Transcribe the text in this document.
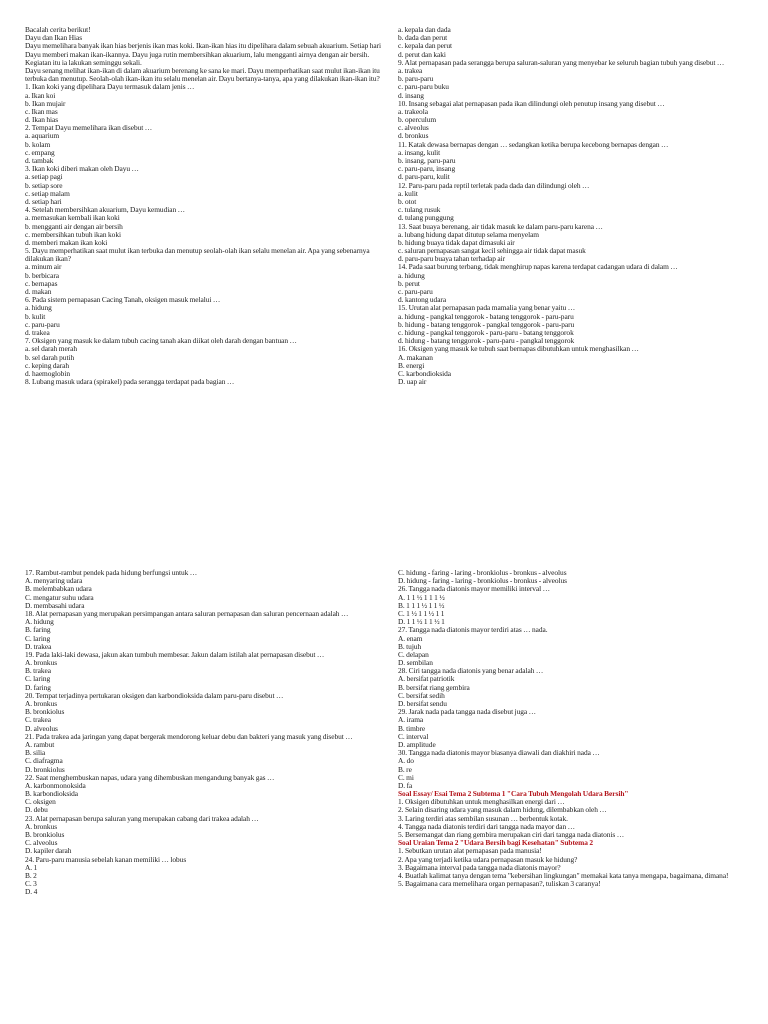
Bacalah cerita berikut!
Dayu dan Ikan Hias
Dayu memelihara banyak ikan hias berjenis ikan mas koki. Ikan-ikan hias itu dipelihara dalam sebuah akuarium. Setiap hari Dayu memberi makan ikan-ikannya. Dayu juga rutin membersihkan akuarium, lalu mengganti airnya dengan air bersih. Kegiatan itu ia lakukan seminggu sekali.
Dayu senang melihat ikan-ikan di dalam akuarium berenang ke sana ke mari. Dayu memperhatikan saat mulut ikan-ikan itu terbuka dan menutup. Seolah-olah ikan-ikan itu selalu menelan air. Dayu bertanya-tanya, apa yang dilakukan ikan-ikan itu?
1. Ikan koki yang dipelihara Dayu termasuk dalam jenis …
a. Ikan koi
b. Ikan mujair
c. Ikan mas
d. Ikan hias
2. Tempat Dayu memelihara ikan disebut …
a. aquarium
b. kolam
c. empang
d. tambak
3. Ikan koki diberi makan oleh Dayu …
a. setiap pagi
b. setiap sore
c. setiap malam
d. setiap hari
4. Setelah membersihkan akuarium, Dayu kemudian …
a. memasukan kembali ikan koki
b. mengganti air dengan air bersih
c. membersihkan tubuh ikan koki
d. memberi makan ikan koki
5. Dayu memperhatikan saat mulut ikan terbuka dan menutup seolah-olah ikan selalu menelan air. Apa yang sebenarnya dilakukan ikan?
a. minum air
b. berbicara
c. bernapas
d. makan
6. Pada sistem pernapasan Cacing Tanah, oksigen masuk melalui …
a. hidung
b. kulit
c. paru-paru
d. trakea
7. Oksigen yang masuk ke dalam tubuh cacing tanah akan diikat oleh darah dengan bantuan …
a. sel darah merah
b. sel darah putih
c. keping darah
d. haemoglobin
8. Lubang masuk udara (spirakel) pada serangga terdapat pada bagian …
a. kepala dan dada
b. dada dan perut
c. kepala dan perut
d. perut dan kaki
9. Alat pernapasan pada serangga berupa saluran-saluran yang menyebar ke seluruh bagian tubuh yang disebut …
a. trakea
b. paru-paru
c. paru-paru buku
d. insang
10. Insang sebagai alat pernapasan pada ikan dilindungi oleh penutup insang yang disebut …
a. trakeola
b. operculum
c. alveolus
d. bronkus
11. Katak dewasa bernapas dengan … sedangkan ketika berupa kecebong bernapas dengan …
a. insang, kulit
b. insang, paru-paru
c. paru-paru, insang
d. paru-paru, kulit
12. Paru-paru pada reptil terletak pada dada dan dilindungi oleh …
a. kulit
b. otot
c. tulang rusuk
d. tulang punggung
13. Saat buaya berenang, air tidak masuk ke dalam paru-paru karena …
a. lubang hidung dapat ditutup selama menyelam
b. hidung buaya tidak dapat dimasuki air
c. saluran pernapasan sangat kecil sehingga air tidak dapat masuk
d. paru-paru buaya tahan terhadap air
14. Pada saat burung terbang, tidak menghirup napas karena terdapat cadangan udara di dalam …
a. hidung
b. perut
c. paru-paru
d. kantong udara
15. Urutan alat pernapasan pada mamalia yang benar yaitu …
a. hidung - pangkal tenggorok - batang tenggorok - paru-paru
b. hidung - batang tenggorok - pangkal tenggorok - paru-paru
c. hidung - pangkal tenggorok - paru-paru - batang tenggorok
d. hidung - batang tenggorok - paru-paru - pangkal tenggorok
16. Oksigen yang masuk ke tubuh saat bernapas dibutuhkan untuk menghasilkan …
A. makanan
B. energi
C. karbondioksida
D. uap air
17. Rambut-rambut pendek pada hidung berfungsi untuk …
A. menyaring udara
B. melembabkan udara
C. mengatur suhu udara
D. membasahi udara
18. Alat pernapasan yang merupakan persimpangan antara saluran pernapasan dan saluran pencernaan adalah …
A. hidung
B. faring
C. laring
D. trakea
19. Pada laki-laki dewasa, jakun akan tumbuh membesar. Jakun dalam istilah alat pernapasan disebut …
A. bronkus
B. trakea
C. laring
D. faring
20. Tempat terjadinya pertukaran oksigen dan karbondioksida dalam paru-paru disebut …
A. bronkus
B. bronkiolus
C. trakea
D. alveolus
21. Pada trakea ada jaringan yang dapat bergerak mendorong keluar debu dan bakteri yang masuk yang disebut …
A. rambut
B. silia
C. diafragma
D. bronkiolus
22. Saat menghembuskan napas, udara yang dihembuskan mengandung banyak gas …
A. karbonmonoksida
B. karbondioksida
C. oksigen
D. debu
23. Alat pernapasan berupa saluran yang merupakan cabang dari trakea adalah …
A. bronkus
B. bronkiolus
C. alveolus
D. kapiler darah
24. Paru-paru manusia sebelah kanan memiliki … lobus
A. 1
B. 2
C. 3
D. 4
C. hidung - faring - laring - bronkiolus - bronkus - alveolus
D. hidung - faring - laring - bronkiolus - bronkus - alveolus
26. Tangga nada diatonis mayor memiliki interval …
A. 1 1 ½ 1 1 1 ½
B. 1 1 1 ½ 1 1 ½
C. 1 ½ 1 1 ½ 1 1
D. 1 1 ½ 1 1 ½ 1
27. Tangga nada diatonis mayor terdiri atas … nada.
A. enam
B. tujuh
C. delapan
D. sembilan
28. Ciri tangga nada diatonis yang benar adalah …
A. bersifat patriotik
B. bersifat riang gembira
C. bersifat sedih
D. bersifat sendu
29. Jarak nada pada tangga nada disebut juga …
A. irama
B. timbre
C. interval
D. amplitude
30. Tangga nada diatonis mayor biasanya diawali dan diakhiri nada …
A. do
B. re
C. mi
D. fa
Soal Essay/ Esai Tema 2 Subtema 1 "Cara Tubuh Mengolah Udara Bersih"
1. Oksigen dibutuhkan untuk menghasilkan energi dari …
2. Selain disaring udara yang masuk dalam hidung, dilembabkan oleh …
3. Laring terdiri atas sembilan susunan … berbentuk kotak.
4. Tangga nada diatonis terdiri dari tangga nada mayor dan …
5. Bersemangat dan riang gembira merupakan ciri dari tangga nada diatonis …
Soal Uraian Tema 2 "Udara Bersih bagi Kesehatan" Subtema 2
1. Sebutkan urutan alat pernapasan pada manusia!
2. Apa yang terjadi ketika udara pernapasan masuk ke hidung?
3. Bagaimana interval pada tangga nada diatonis mayor?
4. Buatlah kalimat tanya dengan tema "kebersihan lingkungan" memakai kata tanya mengapa, bagaimana, dimana!
5. Bagaimana cara memelihara organ pernapasan?, tuliskan 3 caranya!
